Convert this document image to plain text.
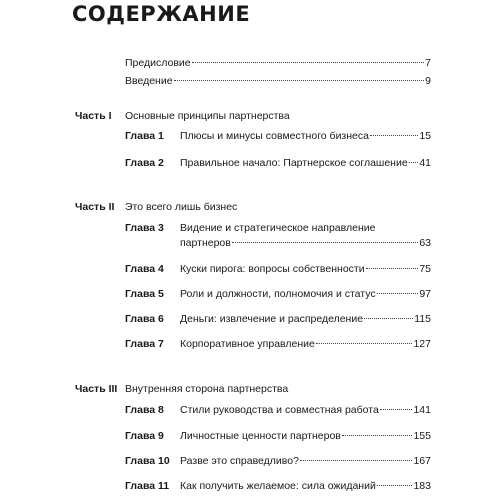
СОДЕРЖАНИЕ
Предисловие	7
Введение	9
Часть I Основные принципы партнерства
Глава 1 Плюсы и минусы совместного бизнеса	15
Глава 2 Правильное начало: Партнерское соглашение 41
Часть II Это всего лишь бизнес
Глава 3 Видение и стратегическое направление
партнеров	63
Глава 4 Куски пирога: вопросы собственности	75
Глава 5 Роли и должности, полномочия и статус	97
Глава 6 Деньги: извлечение и распределение	115
Глава 7 Корпоративное управление	127
Часть III Внутренняя сторона партнерства
Глава 8 Стили руководства и совместная работа	141
Глава 9 Личностные ценности партнеров	155
Глава 10 Разве это справедливо?	167
Глава 11 Как получить желаемое: сила ожиданий	183
